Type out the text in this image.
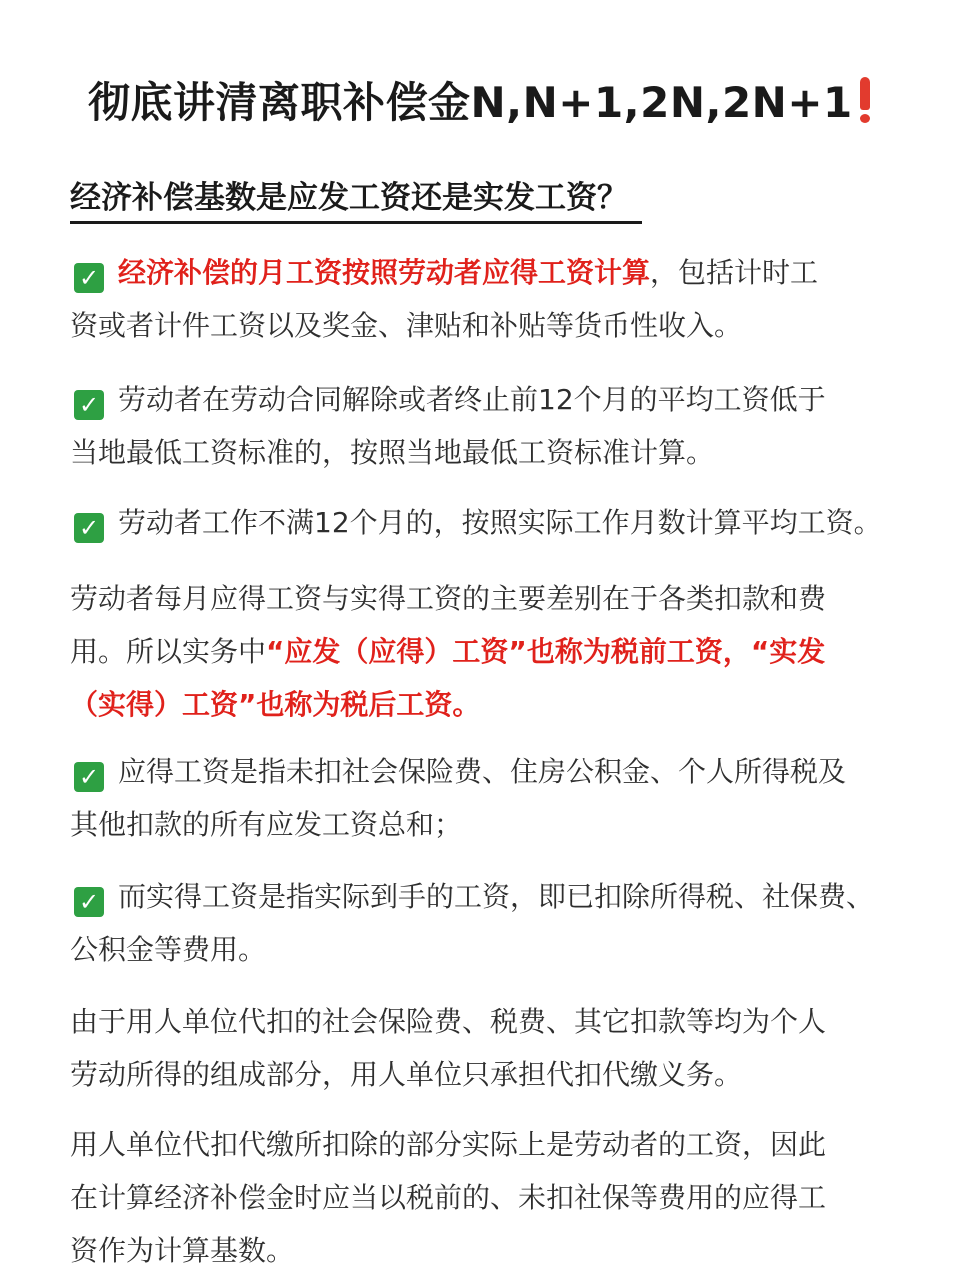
彻底讲清离职补偿金N,N+1,2N,2N+1
经济补偿基数是应发工资还是实发工资？
✓ 经济补偿的月工资按照劳动者应得工资计算，包括计时工
资或者计件工资以及奖金、津贴和补贴等货币性收入。
✓ 劳动者在劳动合同解除或者终止前12个月的平均工资低于
当地最低工资标准的，按照当地最低工资标准计算。
✓ 劳动者工作不满12个月的，按照实际工作月数计算平均工资。
劳动者每月应得工资与实得工资的主要差别在于各类扣款和费
用。所以实务中“应发（应得）工资”也称为税前工资，“实发
（实得）工资”也称为税后工资。
✓ 应得工资是指未扣社会保险费、住房公积金、个人所得税及
其他扣款的所有应发工资总和；
✓ 而实得工资是指实际到手的工资，即已扣除所得税、社保费、
公积金等费用。
由于用人单位代扣的社会保险费、税费、其它扣款等均为个人
劳动所得的组成部分，用人单位只承担代扣代缴义务。
用人单位代扣代缴所扣除的部分实际上是劳动者的工资，因此
在计算经济补偿金时应当以税前的、未扣社保等费用的应得工
资作为计算基数。
